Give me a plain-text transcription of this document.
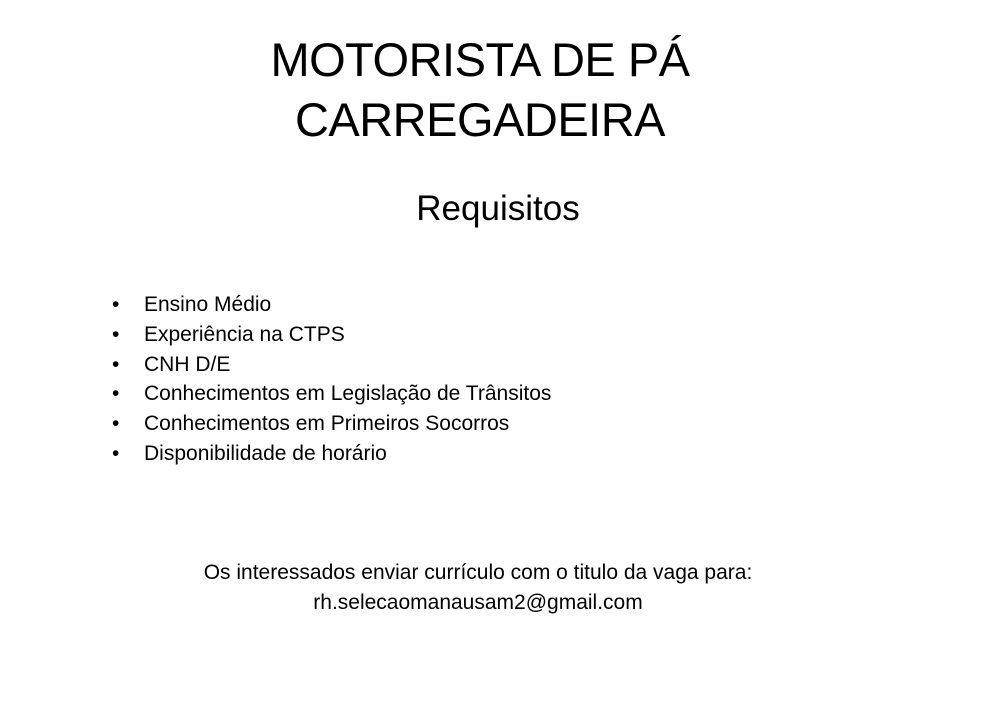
MOTORISTA DE PÁ
CARREGADEIRA
Requisitos
• Ensino Médio
• Experiência na CTPS
• CNH D/E
• Conhecimentos em Legislação de Trânsitos
• Conhecimentos em Primeiros Socorros
• Disponibilidade de horário

Os interessados enviar currículo com o titulo da vaga para:
rh.selecaomanausam2@gmail.com
